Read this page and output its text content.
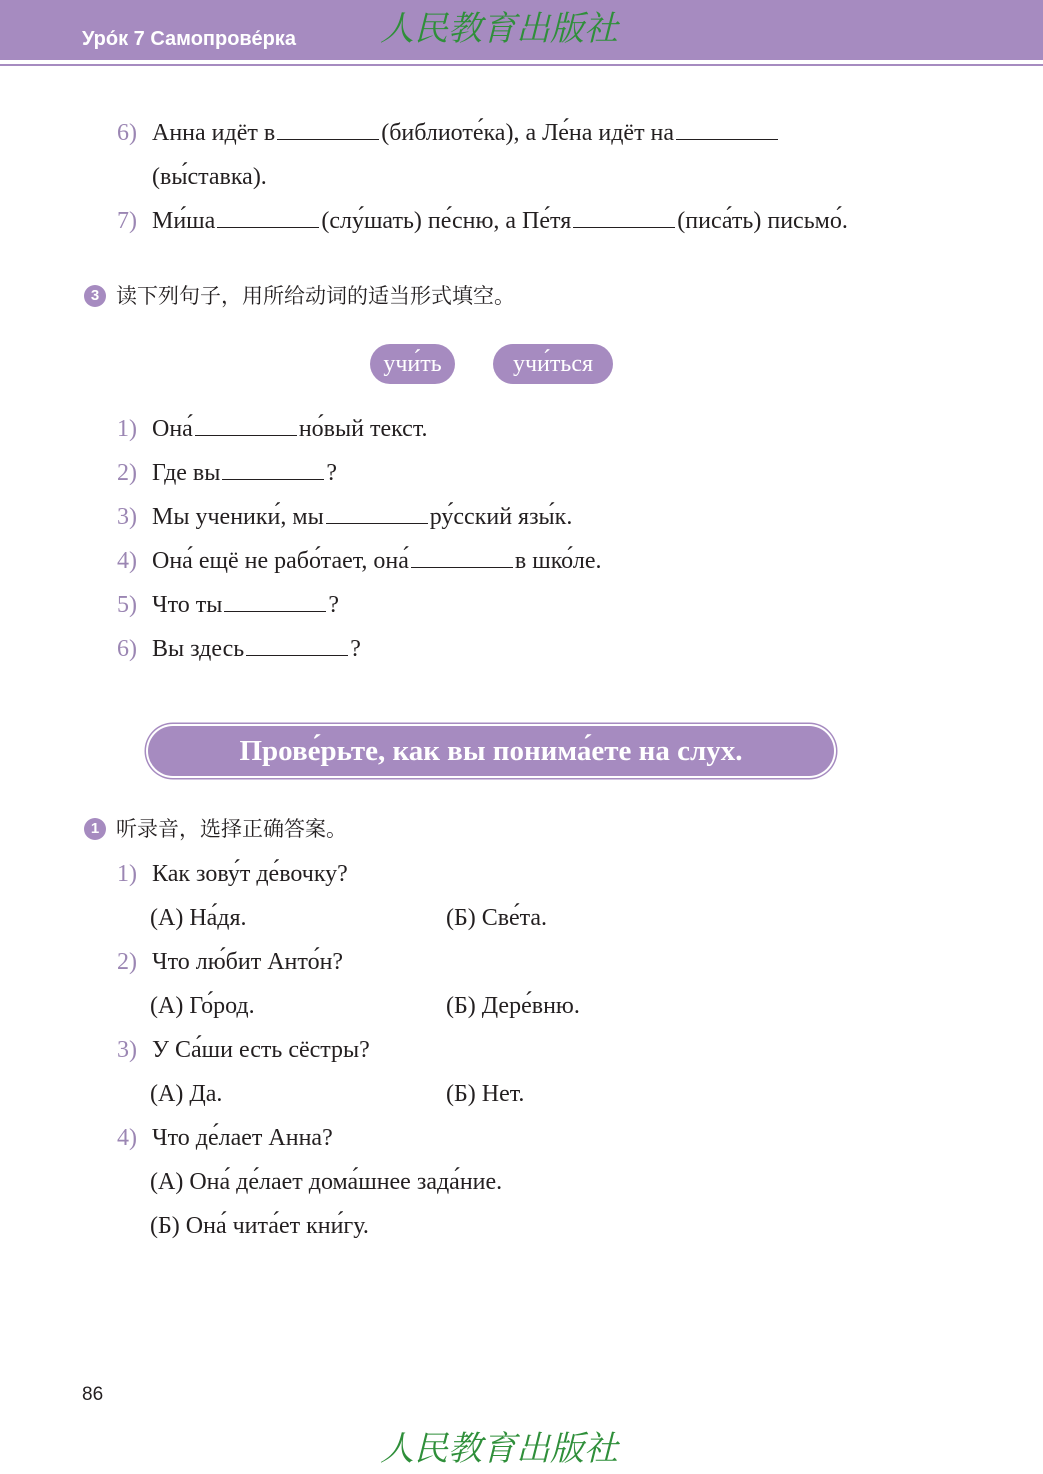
Уро́к 7 Самопрове́рка 人民教育出版社
6) Анна идёт в	(библиоте́ка), а Ле́на идёт на
(вы́ставка).
7) Ми́ша	(слу́шать) пе́сню, а Пе́тя	(писа́ть) письмо́.
3 读下列句子，用所给动词的适当形式填空。
учи́ть	учи́ться
1) Она́	но́вый текст.
2) Где вы	?
3) Мы ученики́, мы	ру́сский язы́к.
4) Она́ ещё не рабо́тает, она́	в шко́ле.
5) Что ты	?
6) Вы здесь	?
Прове́рьте, как вы понима́ете на слух.
1 听录音，选择正确答案。
1) Как зову́т де́вочку?
(А) На́дя.	(Б) Све́та.
2) Что лю́бит Анто́н?
(А) Го́род.	(Б) Дере́вню.
3) У Са́ши есть сёстры?
(А) Да.	(Б) Нет.
4) Что де́лает Анна?
(А) Она́ де́лает дома́шнее зада́ние.
(Б) Она́ чита́ет кни́гу.
86
人民教育出版社
